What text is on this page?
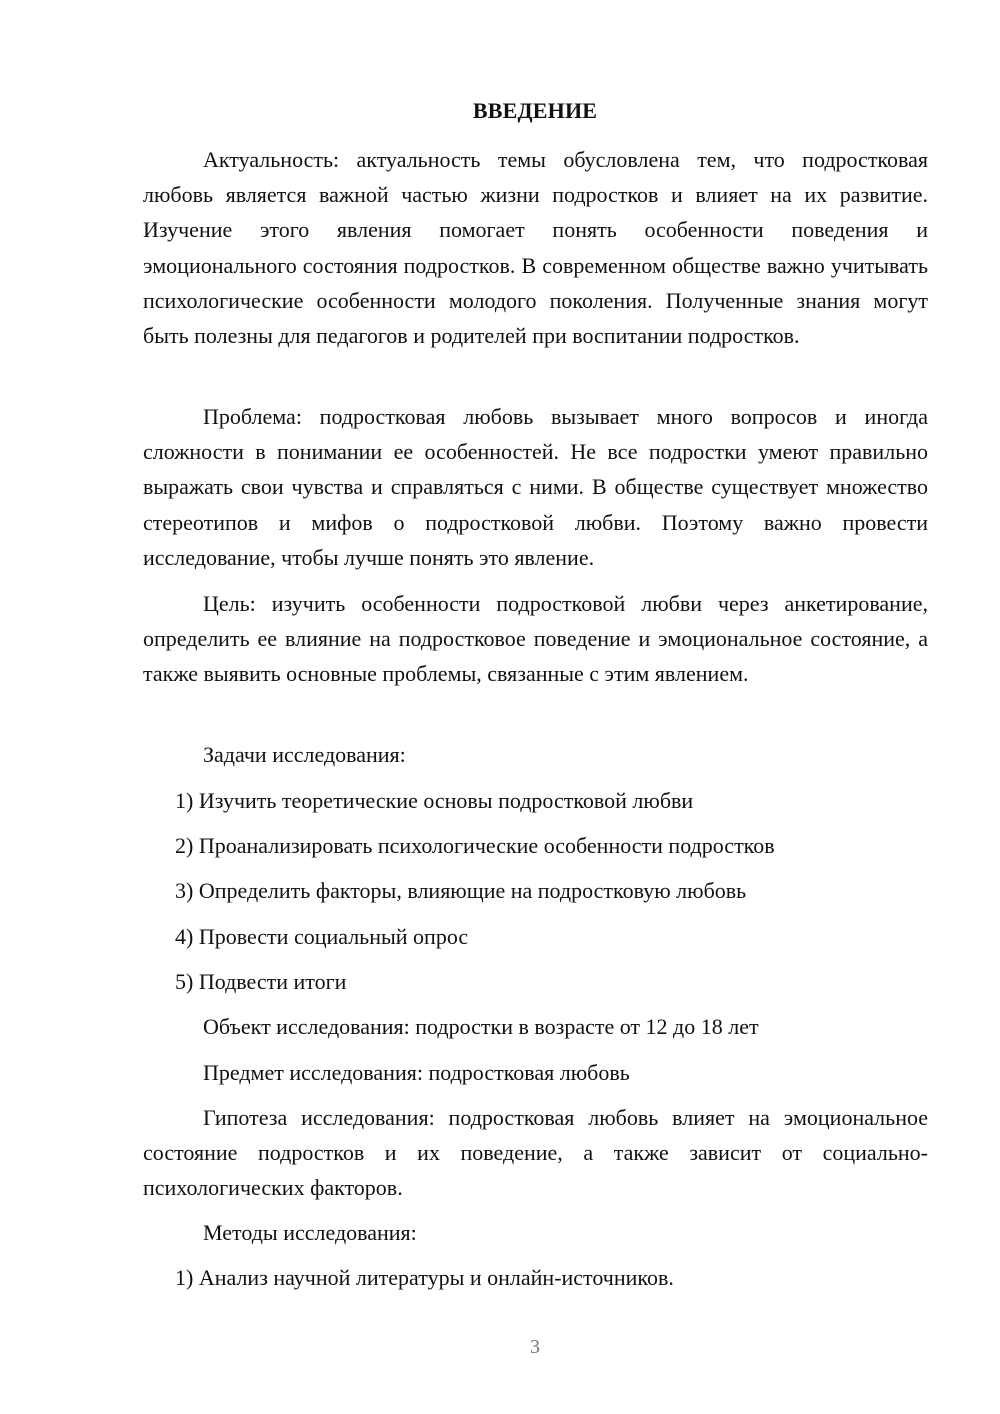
ВВЕДЕНИЕ

Актуальность: актуальность темы обусловлена тем, что подростковая любовь является важной частью жизни подростков и влияет на их развитие. Изучение этого явления помогает понять особенности поведения и эмоционального состояния подростков. В современном обществе важно учитывать психологические особенности молодого поколения. Полученные знания могут быть полезны для педагогов и родителей при воспитании подростков.

Проблема: подростковая любовь вызывает много вопросов и иногда сложности в понимании ее особенностей. Не все подростки умеют правильно выражать свои чувства и справляться с ними. В обществе существует множество стереотипов и мифов о подростковой любви. Поэтому важно провести исследование, чтобы лучше понять это явление.

Цель: изучить особенности подростковой любви через анкетирование, определить ее влияние на подростковое поведение и эмоциональное состояние, а также выявить основные проблемы, связанные с этим явлением.

Задачи исследования:
1) Изучить теоретические основы подростковой любви
2) Проанализировать психологические особенности подростков
3) Определить факторы, влияющие на подростковую любовь
4) Провести социальный опрос
5) Подвести итоги
Объект исследования: подростки в возрасте от 12 до 18 лет
Предмет исследования: подростковая любовь

Гипотеза исследования: подростковая любовь влияет на эмоциональное состояние подростков и их поведение, а также зависит от социально-психологических факторов.

Методы исследования:
1) Анализ научной литературы и онлайн-источников.
3
